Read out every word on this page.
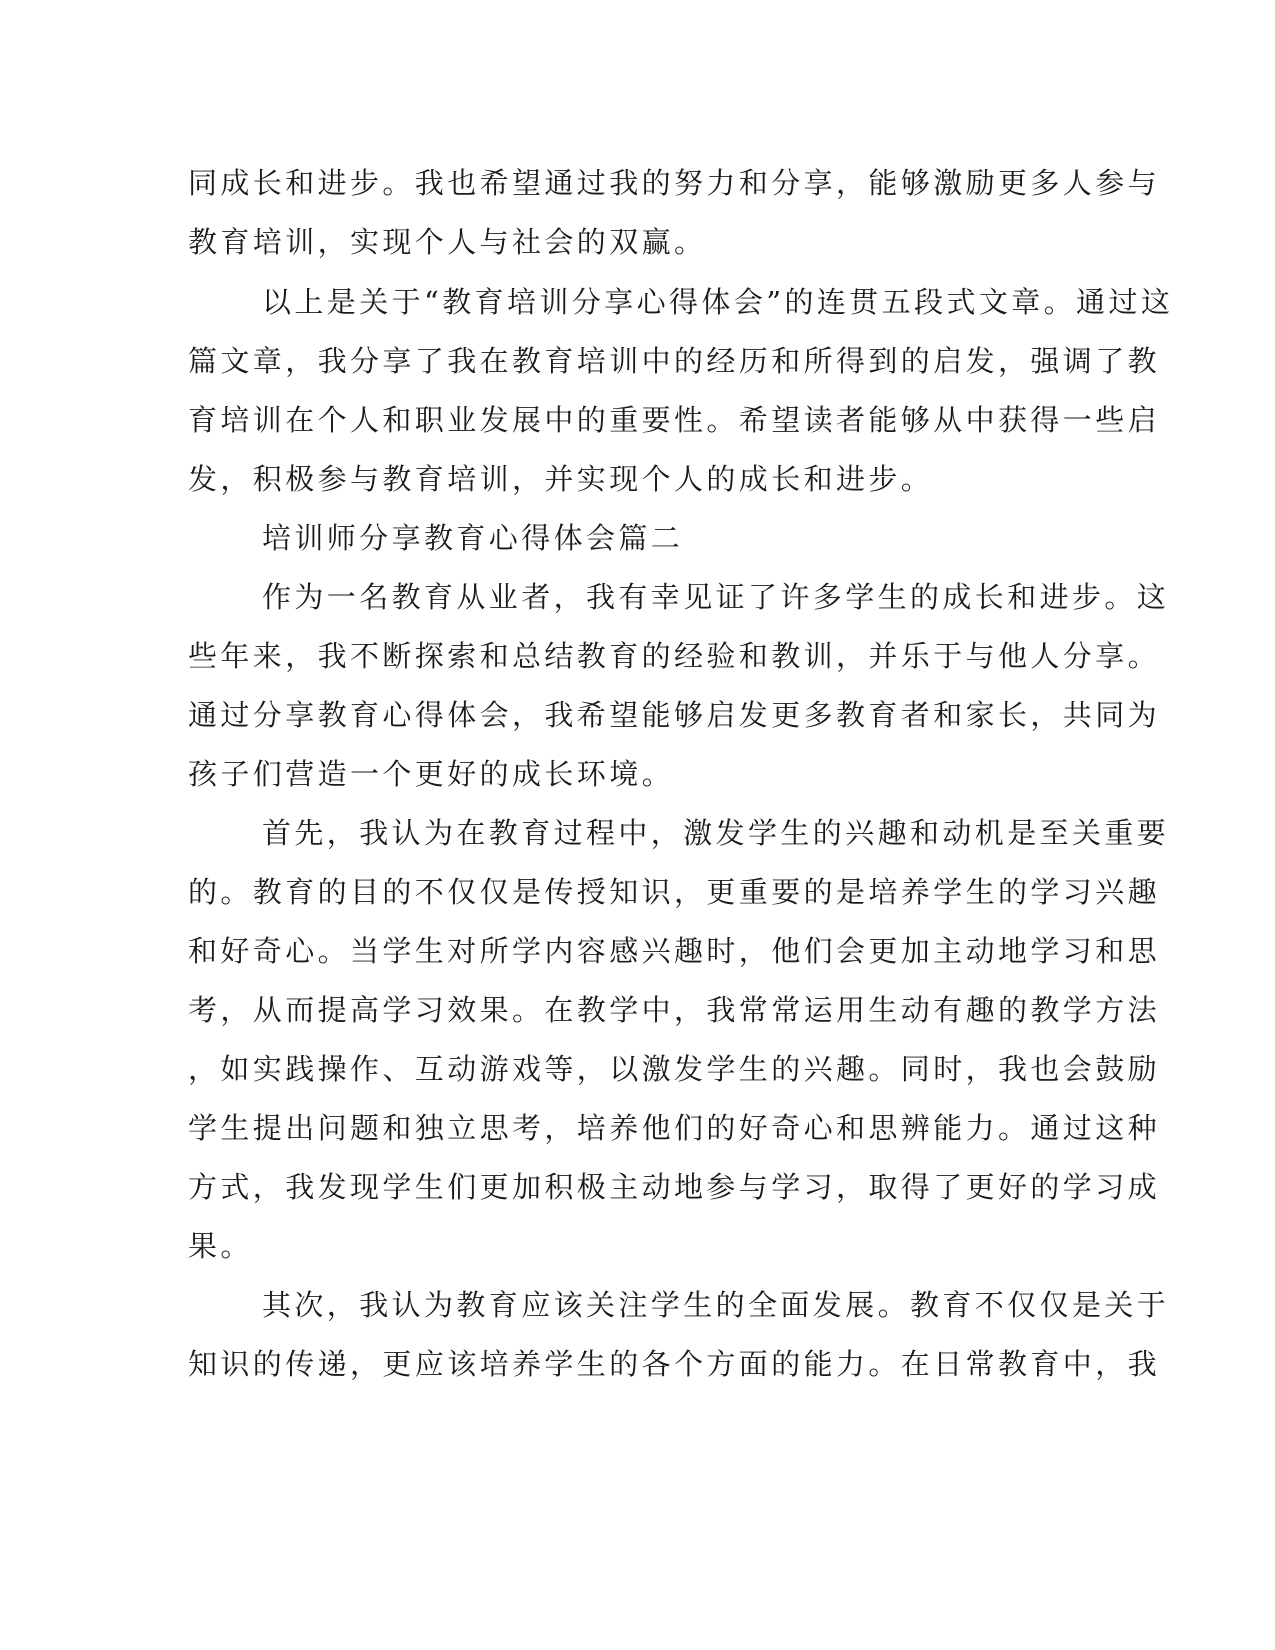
同成长和进步。我也希望通过我的努力和分享，能够激励更多人参与
教育培训，实现个人与社会的双赢。
以上是关于“教育培训分享心得体会”的连贯五段式文章。通过这
篇文章，我分享了我在教育培训中的经历和所得到的启发，强调了教
育培训在个人和职业发展中的重要性。希望读者能够从中获得一些启
发，积极参与教育培训，并实现个人的成长和进步。
培训师分享教育心得体会篇二
作为一名教育从业者，我有幸见证了许多学生的成长和进步。这
些年来，我不断探索和总结教育的经验和教训，并乐于与他人分享。
通过分享教育心得体会，我希望能够启发更多教育者和家长，共同为
孩子们营造一个更好的成长环境。
首先，我认为在教育过程中，激发学生的兴趣和动机是至关重要
的。教育的目的不仅仅是传授知识，更重要的是培养学生的学习兴趣
和好奇心。当学生对所学内容感兴趣时，他们会更加主动地学习和思
考，从而提高学习效果。在教学中，我常常运用生动有趣的教学方法
，如实践操作、互动游戏等，以激发学生的兴趣。同时，我也会鼓励
学生提出问题和独立思考，培养他们的好奇心和思辨能力。通过这种
方式，我发现学生们更加积极主动地参与学习，取得了更好的学习成
果。
其次，我认为教育应该关注学生的全面发展。教育不仅仅是关于
知识的传递，更应该培养学生的各个方面的能力。在日常教育中，我
